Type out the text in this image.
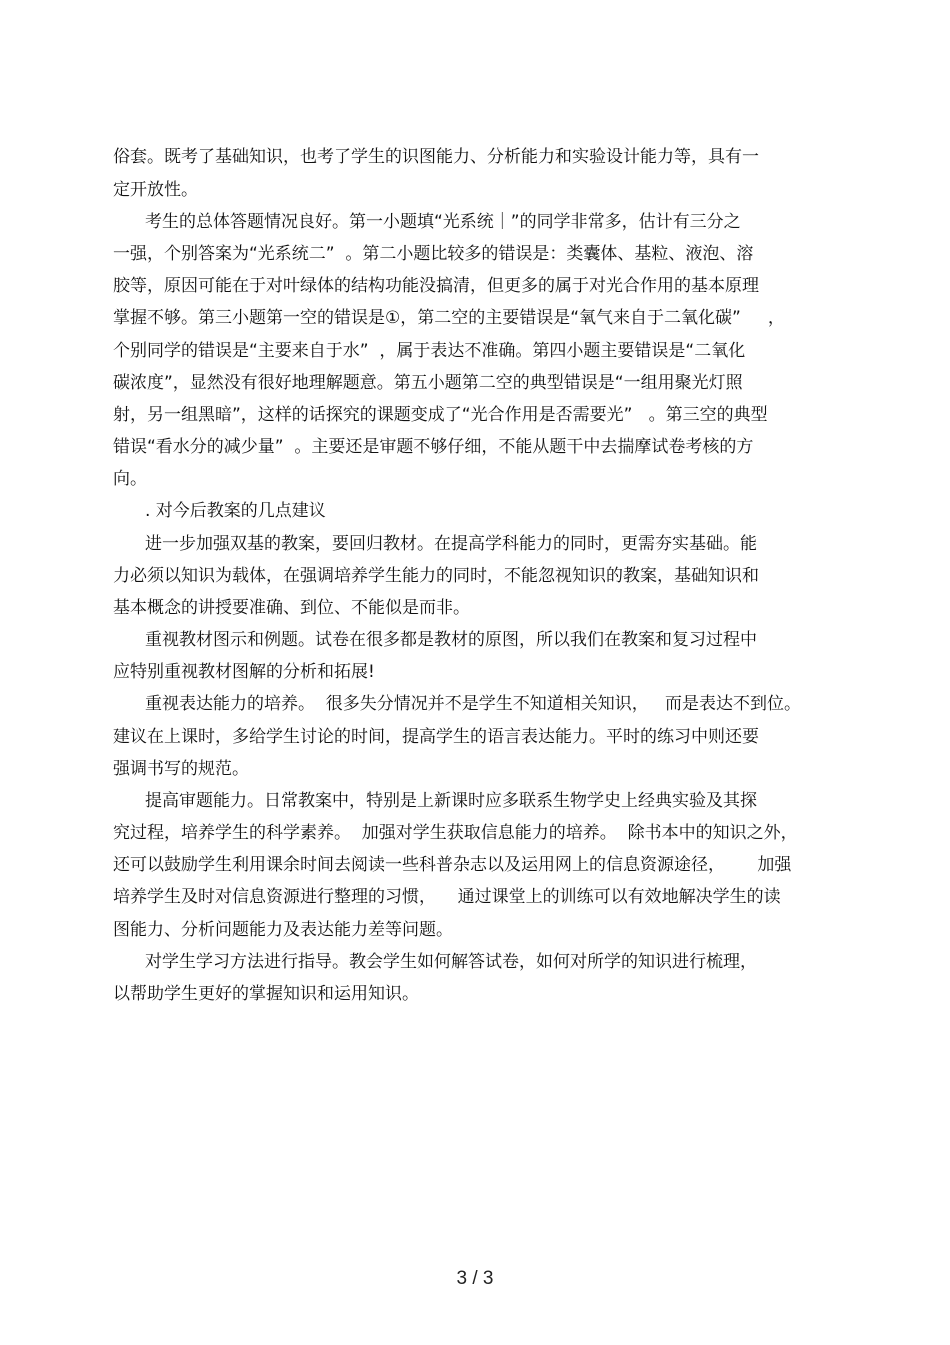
俗套。既考了基础知识，也考了学生的识图能力、分析能力和实验设计能力等，具有一

定开放性。

考生的总体答题情况良好。第一小题填“光系统｜”的同学非常多，估计有三分之

一强，个别答案为“光系统二”  。第二小题比较多的错误是：类囊体、基粒、液泡、溶

胶等，原因可能在于对叶绿体的结构功能没搞清，但更多的属于对光合作用的基本原理

掌握不够。第三小题第一空的错误是①，第二空的主要错误是“氧气来自于二氧化碳”     ，

个别同学的错误是“主要来自于水”  ，属于表达不准确。第四小题主要错误是“二氧化

碳浓度”，显然没有很好地理解题意。第五小题第二空的典型错误是“一组用聚光灯照

射，另一组黑暗”，这样的话探究的课题变成了“光合作用是否需要光”   。第三空的典型

错误“看水分的减少量”  。主要还是审题不够仔细，不能从题干中去揣摩试卷考核的方

向。

. 对今后教案的几点建议

进一步加强双基的教案，要回归教材。在提高学科能力的同时，更需夯实基础。能

力必须以知识为载体，在强调培养学生能力的同时，不能忽视知识的教案，基础知识和

基本概念的讲授要准确、到位、不能似是而非。

重视教材图示和例题。试卷在很多都是教材的原图，所以我们在教案和复习过程中

应特别重视教材图解的分析和拓展!

重视表达能力的培养。  很多失分情况并不是学生不知道相关知识，   而是表达不到位。

建议在上课时，多给学生讨论的时间，提高学生的语言表达能力。平时的练习中则还要

强调书写的规范。

提高审题能力。日常教案中，特别是上新课时应多联系生物学史上经典实验及其探

究过程，培养学生的科学素养。  加强对学生获取信息能力的培养。  除书本中的知识之外，

还可以鼓励学生利用课余时间去阅读一些科普杂志以及运用网上的信息资源途径，      加强

培养学生及时对信息资源进行整理的习惯，    通过课堂上的训练可以有效地解决学生的读

图能力、分析问题能力及表达能力差等问题。

对学生学习方法进行指导。教会学生如何解答试卷，如何对所学的知识进行梳理，

以帮助学生更好的掌握知识和运用知识。

3 / 3
